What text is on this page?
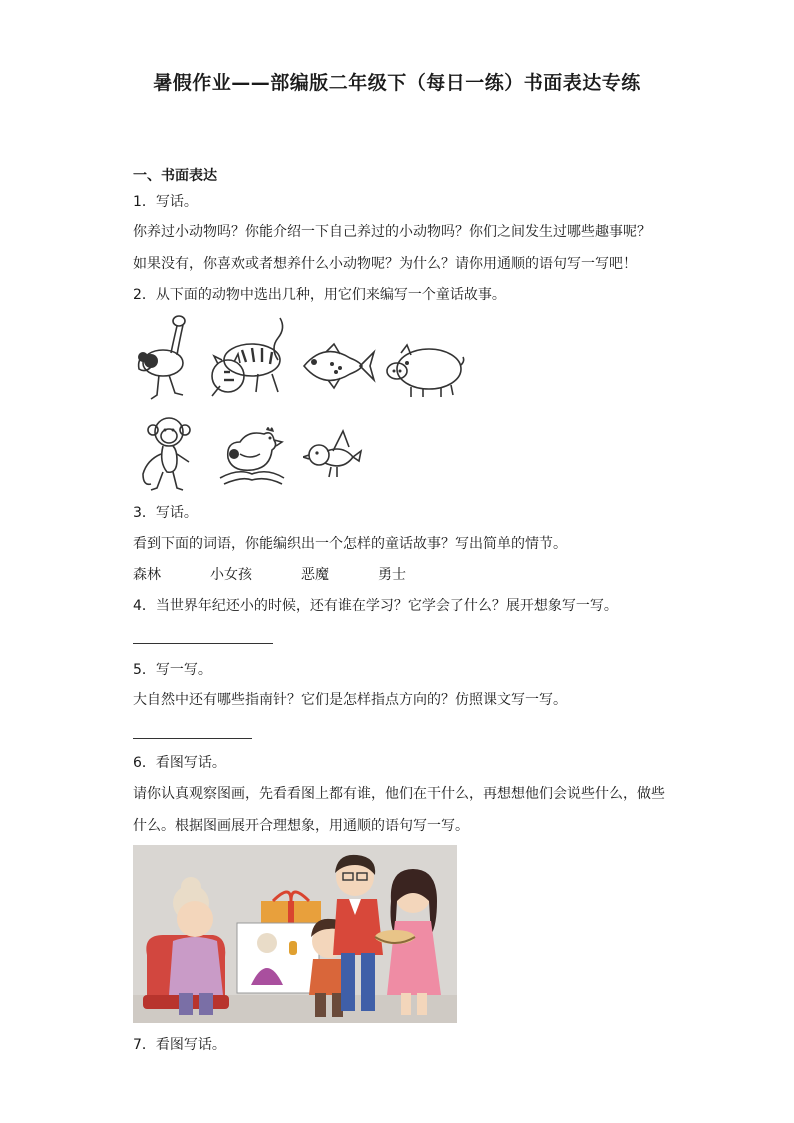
暑假作业——部编版二年级下（每日一练）书面表达专练
一、书面表达
1．写话。
你养过小动物吗？你能介绍一下自己养过的小动物吗？你们之间发生过哪些趣事呢？
如果没有，你喜欢或者想养什么小动物呢？为什么？请你用通顺的语句写一写吧！
2．从下面的动物中选出几种，用它们来编写一个童话故事。
3．写话。
看到下面的词语，你能编织出一个怎样的童话故事？写出简单的情节。
森林	小女孩	恶魔	勇士
4．当世界年纪还小的时候，还有谁在学习？它学会了什么？展开想象写一写。
5．写一写。
大自然中还有哪些指南针？它们是怎样指点方向的？仿照课文写一写。
6．看图写话。
请你认真观察图画，先看看图上都有谁，他们在干什么，再想想他们会说些什么，做些
什么。根据图画展开合理想象，用通顺的语句写一写。
7．看图写话。
